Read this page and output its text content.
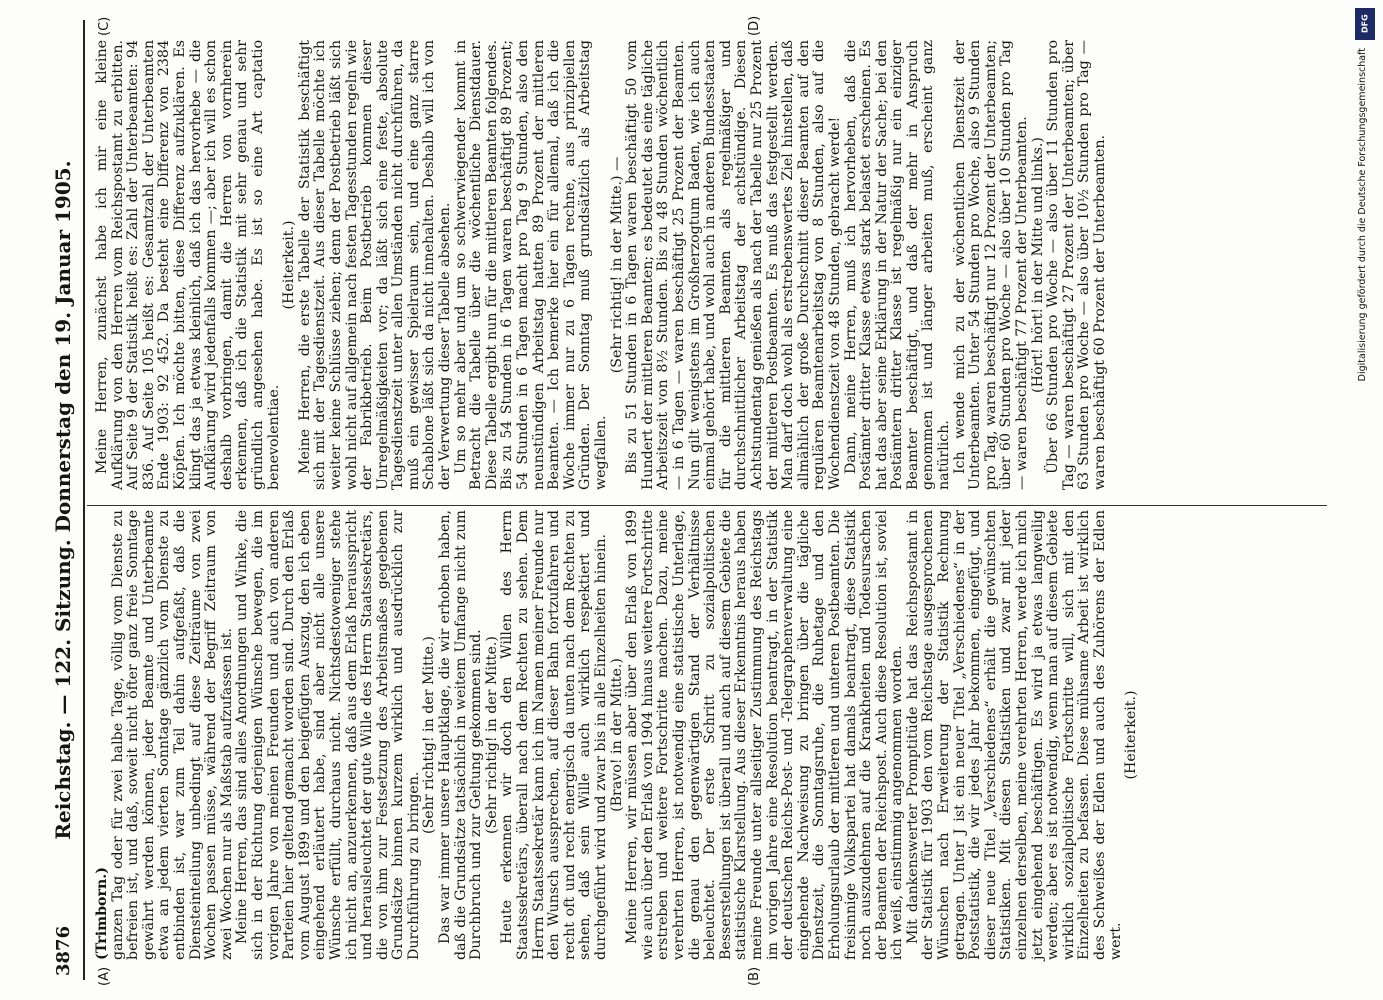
3876
Reichstag. — 122. Sitzung. Donnerstag den 19. Januar 1905.
(A)	(B)
(C)	(D)

(Trimborn.) ganzen Tag oder für zwei halbe Tage, völlig vom Dienste zu befreien ist, und daß, soweit nicht öfter ganz freie Sonntage gewährt werden können, jeder Beamte und Unterbeamte etwa an jedem vierten Sonntage gänzlich vom Dienste zu entbinden ist, war zum Teil dahin aufgefaßt, daß die Diensteinteilung unbedingt auf diese Zeiträume von zwei Wochen passen müsse, während der Begriff Zeitraum von zwei Wochen nur als Maßstab aufzufassen ist. Meine Herren, das sind alles Anordnungen und Winke, die sich in der Richtung derjenigen Wünsche bewegen, die im vorigen Jahre von meinen Freunden und auch von anderen Parteien hier geltend gemacht worden sind. Durch den Erlaß vom August 1899 und den beigefügten Auszug, den ich eben eingehend erläutert habe, sind aber nicht alle unsere Wünsche erfüllt, durchaus nicht. Nichtsdestoweniger stehe ich nicht an, anzuerkennen, daß aus dem Erlaß herausspricht und herausleuchtet der gute Wille des Herrn Staatssekretärs, die von ihm zur Festsetzung des Arbeitsmaßes gegebenen Grundsätze binnen kurzem wirklich und ausdrücklich zur Durchführung zu bringen.

(Sehr richtig! in der Mitte.) Das war immer unsere Hauptklage, die wir erhoben haben, daß die Grundsätze tatsächlich in weitem Umfange nicht zum Durchbruch und zur Geltung gekommen sind. (Sehr richtig! in der Mitte.) Heute erkennen wir doch den Willen des Herrn Staatssekretärs, überall nach dem Rechten zu sehen. Dem Herrn Staatssekretär kann ich im Namen meiner Freunde nur den Wunsch aussprechen, auf dieser Bahn fortzufahren und recht oft und recht energisch da unten nach dem Rechten zu sehen, daß sein Wille auch wirklich respektiert und durchgeführt wird und zwar bis in alle Einzelheiten hinein. (Bravo! in der Mitte.) Meine Herren, wir müssen aber über den Erlaß von 1899 wie auch über den Erlaß von 1904 hinaus weitere Fortschritte erstreben und weitere Fortschritte machen. Dazu, meine verehrten Herren, ist notwendig eine statistische Unterlage, die genau den gegenwärtigen Stand der Verhältnisse beleuchtet. Der erste Schritt zu sozialpolitischen Besserstellungen ist überall und auch auf diesem Gebiete die statistische Klarstellung. Aus dieser Erkenntnis heraus haben meine Freunde unter allseitiger Zustimmung des Reichstags im vorigen Jahre eine Resolution beantragt, in der Statistik der deutschen Reichs-Post- und -Telegraphenverwaltung eine eingehende Nachweisung zu bringen über die tägliche Dienstzeit, die Sonntagsruhe, die Ruhetage und den Erholungsurlaub der mittleren und unteren Postbeamten. Die freisinnige Volkspartei hat damals beantragt, diese Statistik noch auszudehnen auf die Krankheiten und Todesursachen der Beamten der Reichspost. Auch diese Resolution ist, soviel ich weiß, einstimmig angenommen worden. Mit dankenswerter Promptitüde hat das Reichspostamt in der Statistik für 1903 den vom Reichstage ausgesprochenen Wünschen nach Erweiterung der Statistik Rechnung getragen. Unter J ist ein neuer Titel „Verschiedenes“ in der Poststatistik, die wir jedes Jahr bekommen, eingefügt, und dieser neue Titel „Verschiedenes“ erhält die gewünschten Statistiken. Mit diesen Statistiken und zwar mit jeder einzelnen derselben, meine verehrten Herren, werde ich mich jetzt eingehend beschäftigen. Es wird ja etwas langweilig werden; aber es ist notwendig, wenn man auf diesem Gebiete wirklich sozialpolitische Fortschritte will, sich mit den Einzelheiten zu befassen. Diese mühsame Arbeit ist wirklich des Schweißes der Edlen und auch des Zuhörens der Edlen wert.

(Heiterkeit.)

Meine Herren, zunächst habe ich mir eine kleine Aufklärung von den Herren vom Reichspostamt zu erbitten. Auf Seite 9 der Statistik heißt es: Zahl der Unterbeamten: 94 836. Auf Seite 105 heißt es: Gesamtzahl der Unterbeamten Ende 1903: 92 452. Da besteht eine Differenz von 2384 Köpfen. Ich möchte bitten, diese Differenz aufzuklären. Es klingt das ja etwas kleinlich, daß ich das hervorhebe — die Aufklärung wird jedenfalls kommen —; aber ich will es schon deshalb vorbringen, damit die Herren von vornherein erkennen, daß ich die Statistik mit sehr genau und sehr gründlich angesehen habe. Es ist so eine Art captatio benevolentiae.

(Heiterkeit.) Meine Herren, die erste Tabelle der Statistik beschäftigt sich mit der Tagesdienstzeit. Aus dieser Tabelle möchte ich weiter keine Schlüsse ziehen; denn der Postbetrieb läßt sich wohl nicht auf allgemein nach festen Tagesstunden regeln wie der Fabrikbetrieb. Beim Postbetrieb kommen dieser Unregelmäßigkeiten vor; da läßt sich eine feste, absolute Tagesdienstzeit unter allen Umständen nicht durchführen, da muß ein gewisser Spielraum sein, und eine ganz starre Schablone läßt sich da nicht innehalten. Deshalb will ich von der Verwertung dieser Tabelle absehen. Um so mehr aber und um so schwerwiegender kommt in Betracht die Tabelle über die wöchentliche Dienstdauer. Diese Tabelle ergibt nun für die mittleren Beamten folgendes. Bis zu 54 Stunden in 6 Tagen waren beschäftigt 89 Prozent; 54 Stunden in 6 Tagen macht pro Tag 9 Stunden, also den neunstündigen Arbeitstag hatten 89 Prozent der mittleren Beamten. — Ich bemerke hier ein für allemal, daß ich die Woche immer nur zu 6 Tagen rechne, aus prinzipiellen Gründen. Der Sonntag muß grundsätzlich als Arbeitstag wegfallen.

(Sehr richtig! in der Mitte.) — Bis zu 51 Stunden in 6 Tagen waren beschäftigt 50 vom Hundert der mittleren Beamten; es bedeutet das eine tägliche Arbeitszeit von 8½ Stunden. Bis zu 48 Stunden wöchentlich — in 6 Tagen — waren beschäftigt 25 Prozent der Beamten. Nun gilt wenigstens im Großherzogtum Baden, wie ich auch einmal gehört habe, und wohl auch in anderen Bundesstaaten für die mittleren Beamten als regelmäßiger und durchschnittlicher Arbeitstag der achtstündige. Diesen Achtstundentag genießen als nach der Tabelle nur 25 Prozent der mittleren Postbeamten. Es muß das festgestellt werden. Man darf doch wohl als erstrebenswertes Ziel hinstellen, daß allmählich der große Durchschnitt dieser Beamten auf den regulären Beamtenarbeitstag von 8 Stunden, also auf die Wochendienstzeit von 48 Stunden, gebracht werde! Dann, meine Herren, muß ich hervorheben, daß die Postämter dritter Klasse etwas stark belastet erscheinen. Es hat das aber seine Erklärung in der Natur der Sache; bei den Postämtern dritter Klasse ist regelmäßig nur ein einziger Beamter beschäftigt, und daß der mehr in Anspruch genommen ist und länger arbeiten muß, erscheint ganz natürlich. Ich wende mich zu der wöchentlichen Dienstzeit der Unterbeamten. Unter 54 Stunden pro Woche, also 9 Stunden pro Tag, waren beschäftigt nur 12 Prozent der Unterbeamten; über 60 Stunden pro Woche — also über 10 Stunden pro Tag — waren beschäftigt 77 Prozent der Unterbeamten. (Hört! hört! in der Mitte und links.) Über 66 Stunden pro Woche — also über 11 Stunden pro Tag — waren beschäftigt 27 Prozent der Unterbeamten; über 63 Stunden pro Woche — also über 10½ Stunden pro Tag — waren beschäftigt 60 Prozent der Unterbeamten.

DFG
Digitalisierung gefördert durch die Deutsche Forschungsgemeinschaft
